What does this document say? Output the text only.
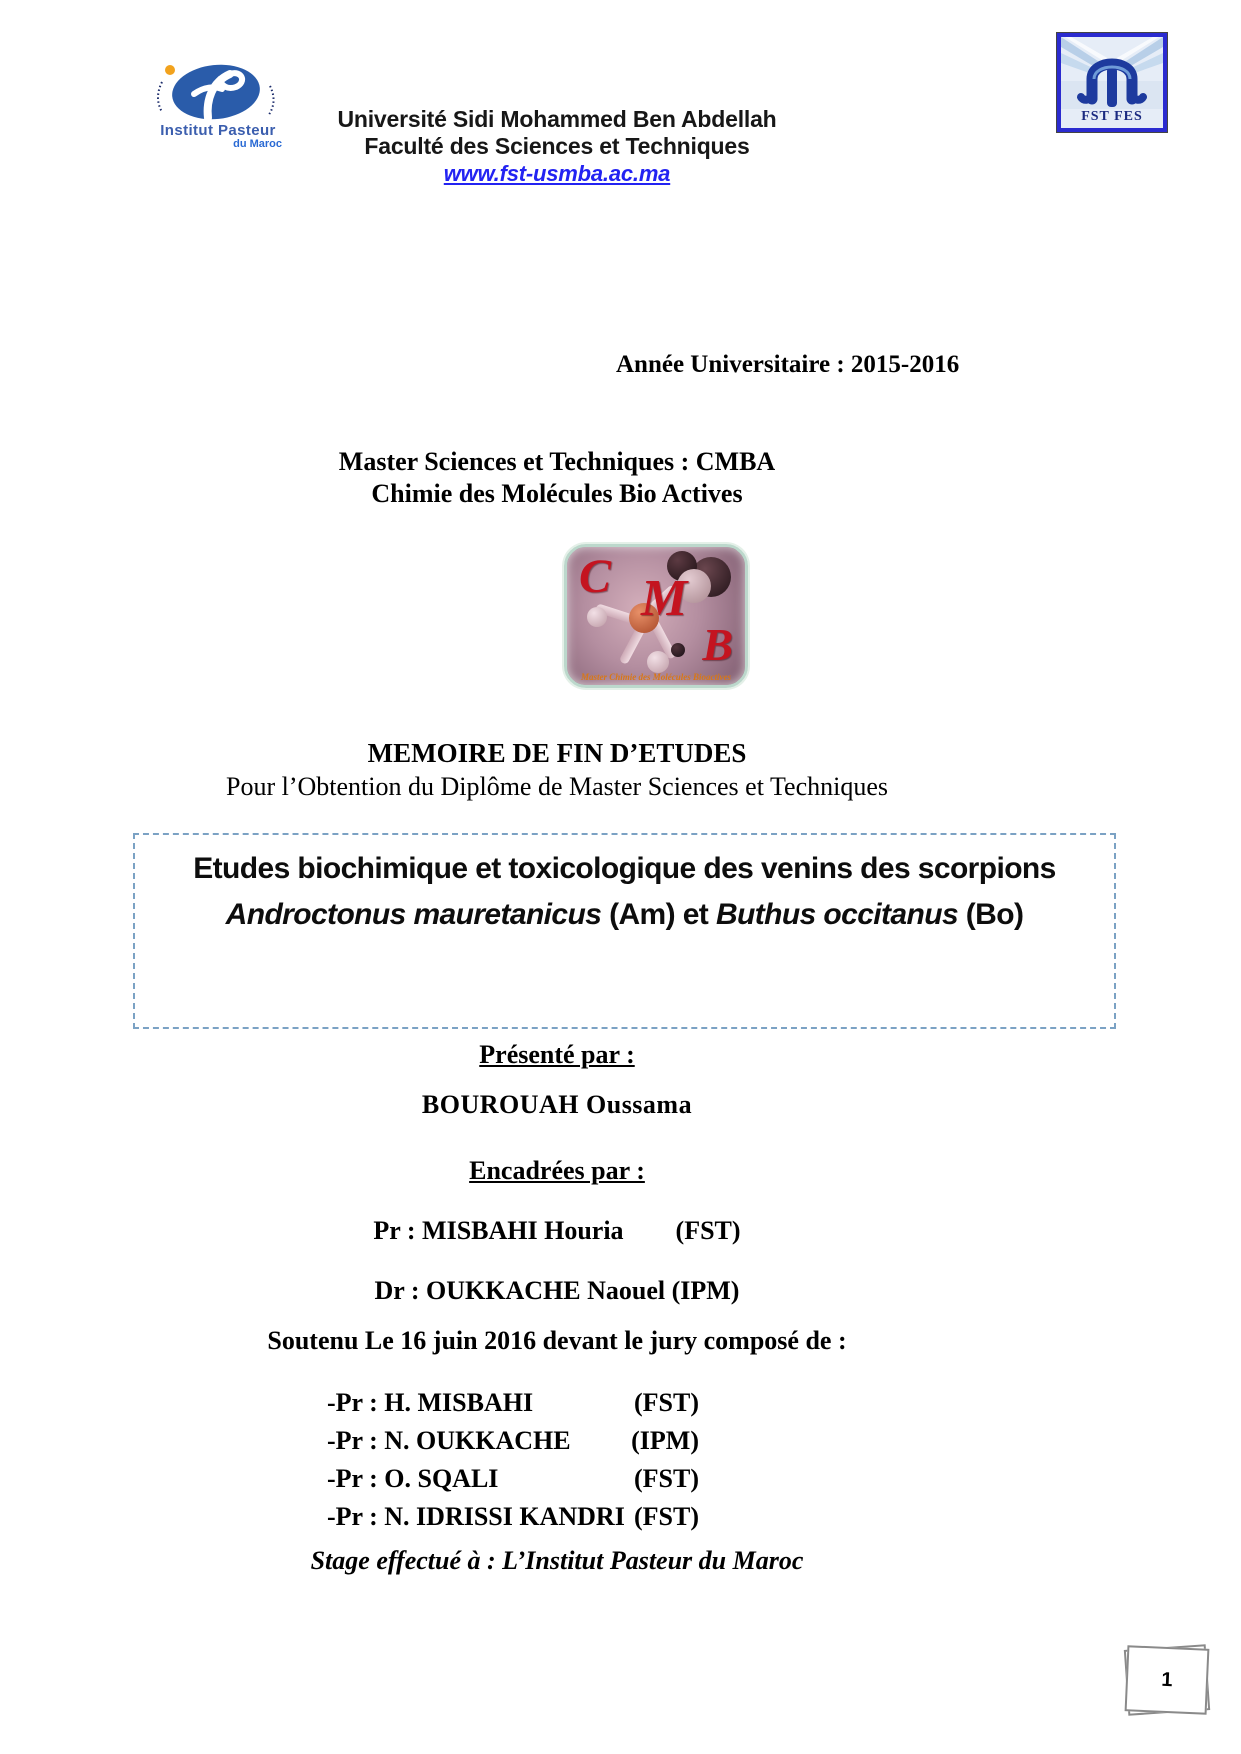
Institut Pasteur
du Maroc
Université Sidi Mohammed Ben Abdellah
Faculté des Sciences et Techniques
www.fst-usmba.ac.ma
FST FES
Année Universitaire : 2015-2016
Master Sciences et Techniques : CMBA
Chimie des Molécules Bio Actives
C M
B
Master Chimie des Molécules Bioactives
MEMOIRE DE FIN D’ETUDES
Pour l’Obtention du Diplôme de Master Sciences et Techniques
Etudes biochimique et toxicologique des venins des scorpions
Androctonus mauretanicus (Am) et Buthus occitanus (Bo)
Présenté par :
BOUROUAH Oussama
Encadrées par :
Pr : MISBAHI Houria        (FST)
Dr : OUKKACHE Naouel (IPM)
Soutenu Le 16 juin 2016 devant le jury composé de :
-Pr : H. MISBAHI	(FST)
-Pr : N. OUKKACHE (IPM)
-Pr : O. SQALI	(FST)
-Pr : N. IDRISSI KANDRI (FST)
Stage effectué à : L’Institut Pasteur du Maroc
1
